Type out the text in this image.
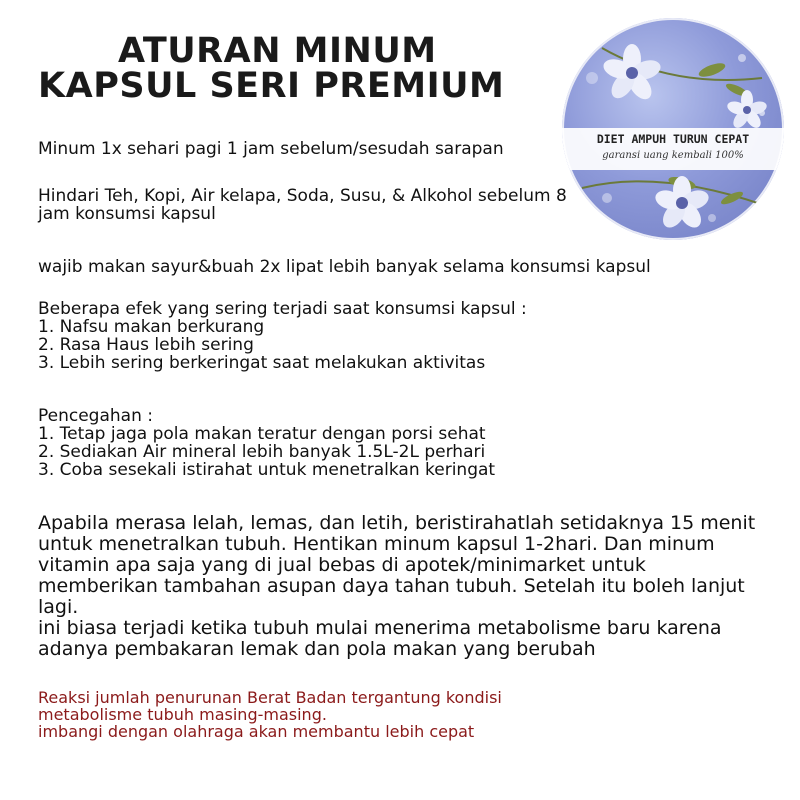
ATURAN MINUM
KAPSUL SERI PREMIUM
DIET AMPUH TURUN CEPAT
garansi uang kembali 100%

Minum 1x sehari pagi 1 jam sebelum/sesudah sarapan

Hindari Teh, Kopi, Air kelapa, Soda, Susu, & Alkohol sebelum 8

jam konsumsi kapsul

wajib makan sayur&buah 2x lipat lebih banyak selama konsumsi kapsul

Beberapa efek yang sering terjadi saat konsumsi kapsul :

1. Nafsu makan berkurang

2. Rasa Haus lebih sering

3. Lebih sering berkeringat saat melakukan aktivitas

Pencegahan :

1. Tetap jaga pola makan teratur dengan porsi sehat

2. Sediakan Air mineral lebih banyak 1.5L-2L perhari

3. Coba sesekali istirahat untuk menetralkan keringat

Apabila merasa lelah, lemas, dan letih, beristirahatlah setidaknya 15 menit

untuk menetralkan tubuh. Hentikan minum kapsul 1-2hari. Dan minum

vitamin apa saja yang di jual bebas di apotek/minimarket untuk

memberikan tambahan asupan daya tahan tubuh. Setelah itu boleh lanjut

lagi.

ini biasa terjadi ketika tubuh mulai menerima metabolisme baru karena

adanya pembakaran lemak dan pola makan yang berubah

Reaksi jumlah penurunan Berat Badan tergantung kondisi

metabolisme tubuh masing-masing.

imbangi dengan olahraga akan membantu lebih cepat
